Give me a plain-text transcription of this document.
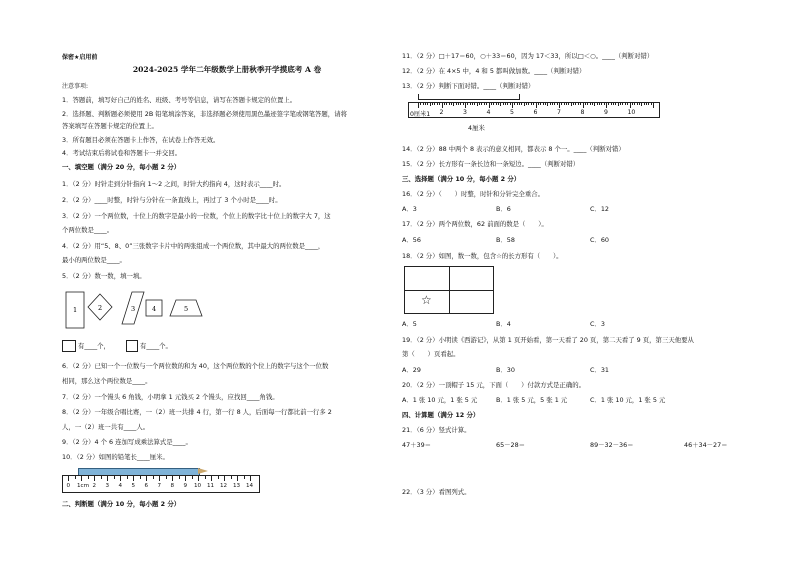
保密★启用前
2024-2025 学年二年级数学上册秋季开学摸底考 A 卷
注意事项:
1．答题前，填写好自己的姓名、班级、考号等信息，请写在答题卡规定的位置上。
2．选择题、判断题必须使用 2B 铅笔填涂答案，非选择题必须使用黑色墨迹签字笔或钢笔答题，请将
答案填写在答题卡规定的位置上。
3．所有题目必须在答题卡上作答，在试卷上作答无效。
4．考试结束后将试卷和答题卡一并交回。
一、填空题（满分 20 分，每小题 2 分）
1．（2 分）时针走到分针指向 1～2 之间，时针大约指向 4，这时表示____时。
2．（2 分）____时整，时针与分针在一条直线上，再过了 3 个小时是____时。
3．（2 分）一个两位数，十位上的数字是最小的一位数，个位上的数字比十位上的数字大 7，这
个两位数是____。
4．（2 分）用“5、8、0”三张数字卡片中的两张组成一个两位数，其中最大的两位数是____，
最小的两位数是____。
5．（2 分）数一数，填一填。
1	2	3	4	5
有____个，	有____个。
6．（2 分）已知一个一位数与一个两位数的和为 40，这个两位数的个位上的数字与这个一位数
相同，那么这个两位数是____。
7．（2 分）一个馒头 6 角钱，小明拿 1 元钱买 2 个馒头，应找回____角钱。
8．（2 分）一年级合唱比赛，一（2）班一共排 4 行，第一行 8 人，后面每一行都比前一行多 2
人，一（2）班一共有____人。
9．（2 分）4 个 6 连加写成乘法算式是____。
10．（2 分）如图的铅笔长____厘米。
0 1cm 2 3 4 5 6 7 8 9 10 11 12 13 14
二、判断题（满分 10 分，每小题 2 分）
11．（2 分）□＋17＝60，○＋33＝60，因为 17＜33，所以□＜○。____（判断对错）
12．（2 分）在 4×5 中，4 和 5 都叫做加数。____（判断对错）
13．（2 分）判断下面对错。____（判断对错）
0厘米1 2	3	4	5	6	7	8	9	10
4厘米
14．（2 分）88 中两个 8 表示的意义相同，都表示 8 个一。____（判断对错）
15．（2 分）长方形有一条长边和一条短边。____（判断对错）
三、选择题（满分 10 分，每小题 2 分）
16．（2 分）（　　）时整，时针和分针完全重合。
A．3	B．6	C．12
17．（2 分）两个两位数，62 前面的数是（　　）。
A．56	B．58	C．60
18．（2 分）如图，数一数，包含☆的长方形有（　　）。
☆
A．5	B．4	C．3
19．（2 分）小明读《西游记》，从第 1 页开始看，第一天看了 20 页，第二天看了 9 页，第三天他要从
第（　　）页看起。
A．29	B．30	C．31
20．（2 分）一顶帽子 15 元，下面（　　）付款方式是正确的。
A．1 张 10 元，1 张 5 元	B．1 张 5 元，5 张 1 元	C．1 张 10 元，1 张 5 元
四、计算题（满分 12 分）
21．（6 分）竖式计算。
47＋39＝	65－28＝	89－32－36＝	46＋34－27＝
22．（3 分）看图列式。
